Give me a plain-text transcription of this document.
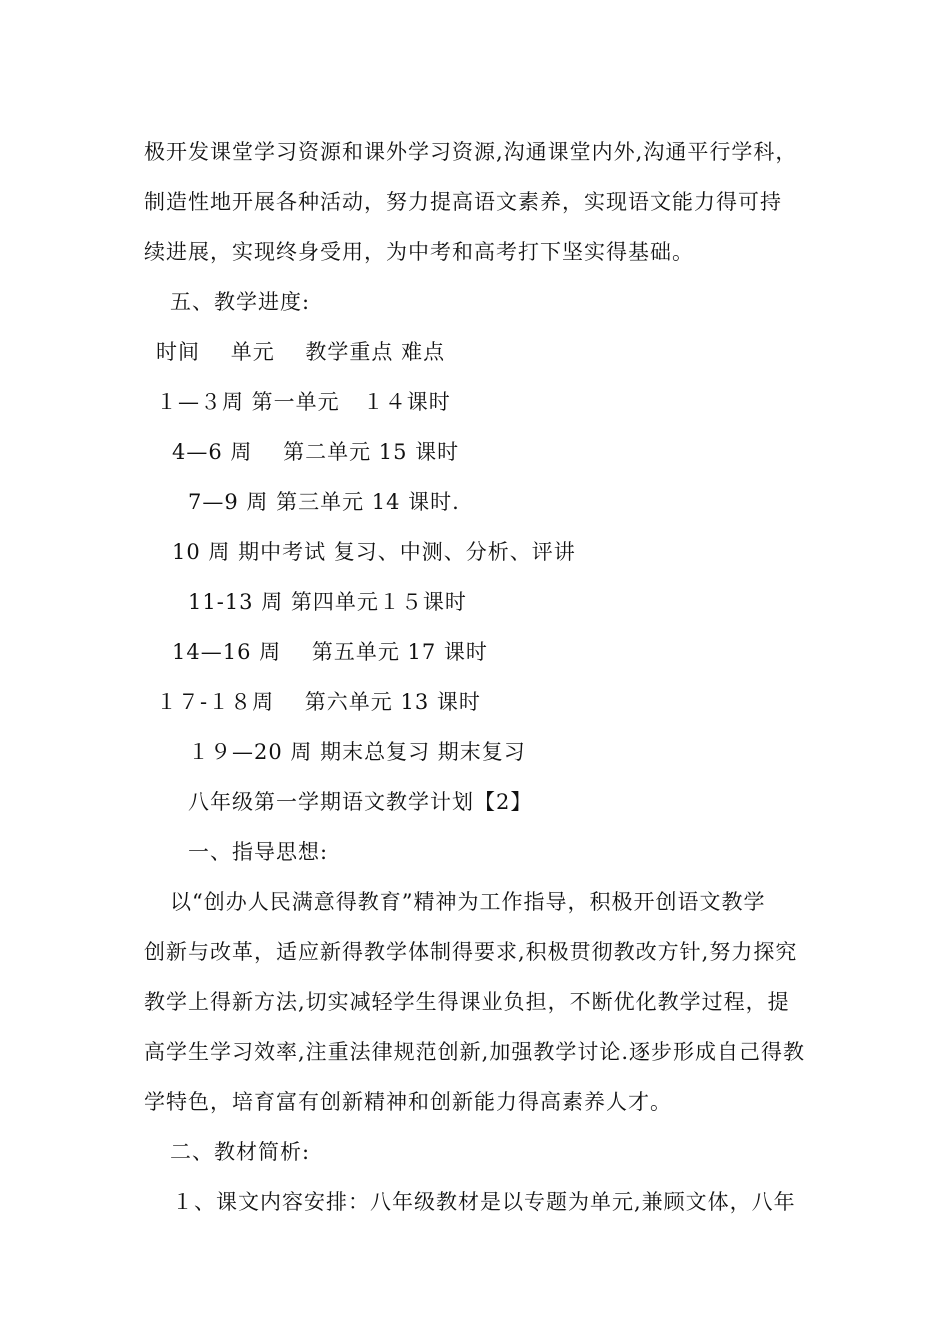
极开发课堂学习资源和课外学习资源,沟通课堂内外,沟通平行学科，
制造性地开展各种活动，努力提高语文素养，实现语文能力得可持
续进展，实现终身受用，为中考和高考打下坚实得基础。
五、教学进度:
时间    单元    教学重点 难点
１—３周 第一单元   １４课时
4—6 周    第二单元 15 课时
7—9 周 第三单元 14 课时.
10 周 期中考试 复习、中测、分析、评讲
11-13 周 第四单元１５课时
14—16 周    第五单元 17 课时
１７-１８周    第六单元 13 课时
１９—20 周 期末总复习 期末复习
八年级第一学期语文教学计划【2】
一、指导思想:
以“创办人民满意得教育”精神为工作指导，积极开创语文教学
创新与改革，适应新得教学体制得要求,积极贯彻教改方针,努力探究
教学上得新方法,切实减轻学生得课业负担，不断优化教学过程，提
高学生学习效率,注重法律规范创新,加强教学讨论.逐步形成自己得教
学特色，培育富有创新精神和创新能力得高素养人才。
二、教材简析:
１、课文内容安排：八年级教材是以专题为单元,兼顾文体，八年
